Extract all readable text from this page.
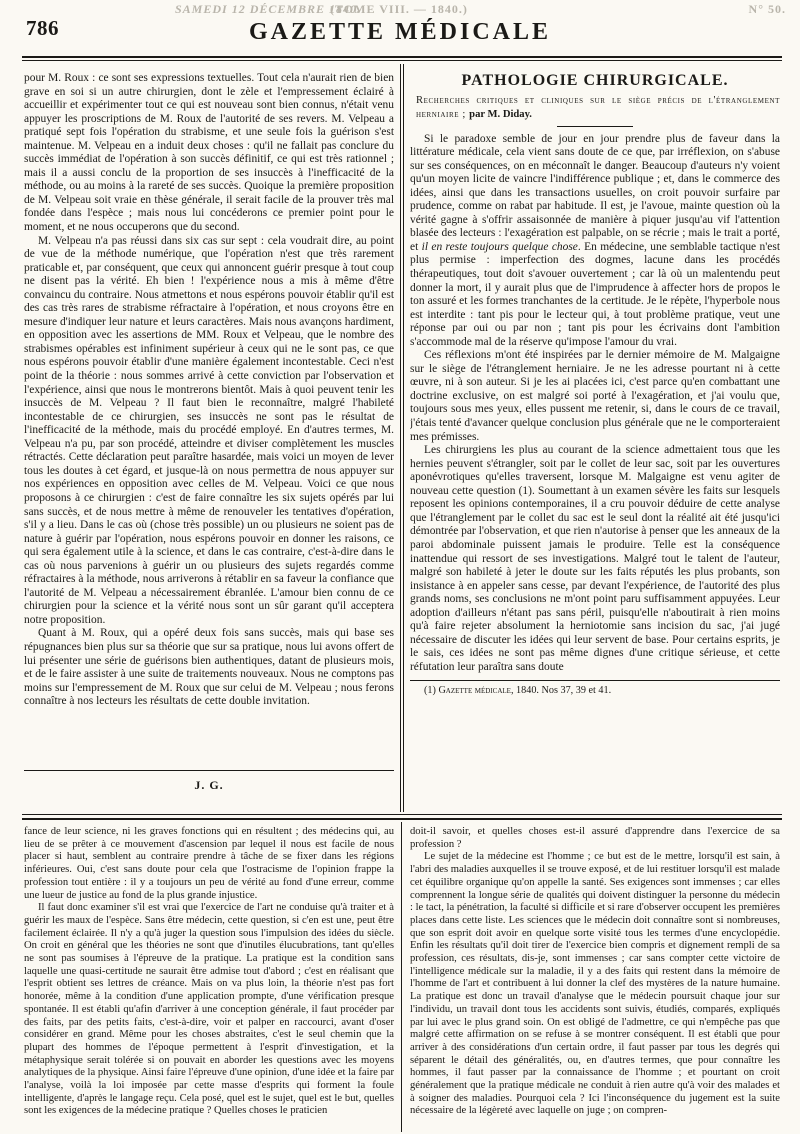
SAMEDI 12 DÉCEMBRE 1840.
(TOME VIII. — 1840.)	N° 50.
786	GAZETTE MÉDICALE

pour M. Roux : ce sont ses expressions textuelles. Tout cela n'aurait rien de bien grave en soi si un autre chirurgien, dont le zèle et l'empressement éclairé à accueillir et expérimenter tout ce qui est nouveau sont bien connus, n'était venu appuyer les proscriptions de M. Roux de l'autorité de ses revers. M. Velpeau a pratiqué sept fois l'opération du strabisme, et une seule fois la guérison s'est maintenue. M. Velpeau en a induit deux choses : qu'il ne fallait pas conclure du succès immédiat de l'opération à son succès définitif, ce qui est très rationnel ; mais il a aussi conclu de la proportion de ses insuccès à l'inefficacité de la méthode, ou au moins à la rareté de ses succès. Quoique la première proposition de M. Velpeau soit vraie en thèse générale, il serait facile de la prouver très mal fondée dans l'espèce ; mais nous lui concéderons ce premier point pour le moment, et ne nous occuperons que du second.

M. Velpeau n'a pas réussi dans six cas sur sept : cela voudrait dire, au point de vue de la méthode numérique, que l'opération n'est que très rarement praticable et, par conséquent, que ceux qui annoncent guérir presque à tout coup ne disent pas la vérité. Eh bien ! l'expérience nous a mis à même d'être convaincu du contraire. Nous atmettons et nous espérons pouvoir établir qu'il est des cas très rares de strabisme réfractaire à l'opération, et nous croyons être en mesure d'indiquer leur nature et leurs caractères. Mais nous avançons hardiment, en opposition avec les assertions de MM. Roux et Velpeau, que le nombre des strabismes opérables est infiniment supérieur à ceux qui ne le sont pas, ce que nous espérons pouvoir établir d'une manière également incontestable. Ceci n'est point de la théorie : nous sommes arrivé à cette conviction par l'observation et l'expérience, ainsi que nous le montrerons bientôt. Mais à quoi peuvent tenir les insuccès de M. Velpeau ? Il faut bien le reconnaître, malgré l'habileté incontestable de ce chirurgien, ses insuccès ne sont pas le résultat de l'inefficacité de la méthode, mais du procédé employé. En d'autres termes, M. Velpeau n'a pu, par son procédé, atteindre et diviser complètement les muscles rétractés. Cette déclaration peut paraître hasardée, mais voici un moyen de lever tous les doutes à cet égard, et jusque-là on nous permettra de nous appuyer sur nos expériences en opposition avec celles de M. Velpeau. Voici ce que nous proposons à ce chirurgien : c'est de faire connaître les six sujets opérés par lui sans succès, et de nous mettre à même de renouveler les tentatives d'opération, s'il y a lieu. Dans le cas où (chose très possible) un ou plusieurs ne soient pas de nature à guérir par l'opération, nous espérons pouvoir en donner les raisons, ce qui sera également utile à la science, et dans le cas contraire, c'est-à-dire dans le cas où nous parvenions à guérir un ou plusieurs des sujets regardés comme réfractaires à la méthode, nous arriverons à rétablir en sa faveur la confiance que l'autorité de M. Velpeau a nécessairement ébranlée. L'amour bien connu de ce chirurgien pour la science et la vérité nous sont un sûr garant qu'il acceptera notre proposition.

Quant à M. Roux, qui a opéré deux fois sans succès, mais qui base ses répugnances bien plus sur sa théorie que sur sa pratique, nous lui avons offert de lui présenter une série de guérisons bien authentiques, datant de plusieurs mois, et de le faire assister à une suite de traitements nouveaux. Nous ne comptons pas moins sur l'empressement de M. Roux que sur celui de M. Velpeau ; nous ferons connaître à nos lecteurs les résultats de cette double invitation.

J. G.
PATHOLOGIE CHIRURGICALE.
Recherches critiques et cliniques sur le siège précis de l'étranglement herniaire ; par M. Diday.

Si le paradoxe semble de jour en jour prendre plus de faveur dans la littérature médicale, cela vient sans doute de ce que, par irréflexion, on s'abuse sur ses conséquences, on en méconnaît le danger. Beaucoup d'auteurs n'y voient qu'un moyen licite de vaincre l'indifférence publique ; et, dans le commerce des idées, ainsi que dans les transactions usuelles, on croit pouvoir surfaire par prudence, comme on rabat par habitude. Il est, je l'avoue, mainte question où la vérité gagne à s'offrir assaisonnée de manière à piquer jusqu'au vif l'attention blasée des lecteurs : l'exagération est palpable, on se récrie ; mais le trait a porté, et il en reste toujours quelque chose. En médecine, une semblable tactique n'est plus permise : imperfection des dogmes, lacune dans les procédés thérapeutiques, tout doit s'avouer ouvertement ; car là où un malentendu peut donner la mort, il y aurait plus que de l'imprudence à affecter hors de propos le ton assuré et les formes tranchantes de la certitude. Je le répète, l'hyperbole nous est interdite : tant pis pour le lecteur qui, à tout problème pratique, veut une réponse par oui ou par non ; tant pis pour les écrivains dont l'ambition s'accommode mal de la réserve qu'impose l'amour du vrai.

Ces réflexions m'ont été inspirées par le dernier mémoire de M. Malgaigne sur le siège de l'étranglement herniaire. Je ne les adresse pourtant ni à cette œuvre, ni à son auteur. Si je les ai placées ici, c'est parce qu'en combattant une doctrine exclusive, on est malgré soi porté à l'exagération, et j'ai voulu que, toujours sous mes yeux, elles pussent me retenir, si, dans le cours de ce travail, j'étais tenté d'avancer quelque conclusion plus générale que ne le comporteraient mes prémisses.

Les chirurgiens les plus au courant de la science admettaient tous que les hernies peuvent s'étrangler, soit par le collet de leur sac, soit par les ouvertures aponévrotiques qu'elles traversent, lorsque M. Malgaigne est venu agiter de nouveau cette question (1). Soumettant à un examen sévère les faits sur lesquels reposent les opinions contemporaines, il a cru pouvoir déduire de cette analyse que l'étranglement par le collet du sac est le seul dont la réalité ait été jusqu'ici démontrée par l'observation, et que rien n'autorise à penser que les anneaux de la paroi abdominale puissent jamais le produire. Telle est la conséquence inattendue qui ressort de ses investigations. Malgré tout le talent de l'auteur, malgré son habileté à jeter le doute sur les faits réputés les plus probants, son insistance à en appeler sans cesse, par devant l'expérience, de l'autorité des plus grands noms, ses conclusions ne m'ont point paru suffisamment appuyées. Leur adoption d'ailleurs n'étant pas sans péril, puisqu'elle n'aboutirait à rien moins qu'à faire rejeter absolument la herniotomie sans incision du sac, j'ai jugé nécessaire de discuter les idées qui leur servent de base. Pour certains esprits, je le sais, ces idées ne sont pas même dignes d'une critique sérieuse, et cette réfutation leur paraîtra sans doute

(1) Gazette médicale, 1840. Nos 37, 39 et 41.

fance de leur science, ni les graves fonctions qui en résultent ; des médecins qui, au lieu de se prêter à ce mouvement d'ascension par lequel il nous est facile de nous placer si haut, semblent au contraire prendre à tâche de se fixer dans les régions inférieures. Oui, c'est sans doute pour cela que l'ostracisme de l'opinion frappe la profession tout entière : il y a toujours un peu de vérité au fond d'une erreur, comme une lueur de justice au fond de la plus grande injustice.

Il faut donc examiner s'il est vrai que l'exercice de l'art ne conduise qu'à traiter et à guérir les maux de l'espèce. Sans être médecin, cette question, si c'en est une, peut être facilement éclairée. Il n'y a qu'à juger la question sous l'impulsion des idées du siècle. On croit en général que les théories ne sont que d'inutiles élucubrations, tant qu'elles ne sont pas soumises à l'épreuve de la pratique. La pratique est la condition sans laquelle une quasi-certitude ne saurait être admise tout d'abord ; c'est en réalisant que l'esprit obtient ses lettres de créance. Mais on va plus loin, la théorie n'est pas fort honorée, même à la condition d'une application prompte, d'une vérification presque spontanée. Il est établi qu'afin d'arriver à une conception générale, il faut procéder par des faits, par des petits faits, c'est-à-dire, voir et palper en raccourci, avant d'oser considérer en grand. Même pour les choses abstraites, c'est le seul chemin que la plupart des hommes de l'époque permettent à l'esprit d'investigation, et la métaphysique serait tolérée si on pouvait en aborder les questions avec les moyens analytiques de la physique. Ainsi faire l'épreuve d'une opinion, d'une idée et la faire par l'analyse, voilà la loi imposée par cette masse d'esprits qui forment la foule intelligente, d'après le langage reçu. Cela posé, quel est le sujet, quel est le but, quelles sont les exigences de la médecine pratique ? Quelles choses le praticien

doit-il savoir, et quelles choses est-il assuré d'apprendre dans l'exercice de sa profession ?

Le sujet de la médecine est l'homme ; ce but est de le mettre, lorsqu'il est sain, à l'abri des maladies auxquelles il se trouve exposé, et de lui restituer lorsqu'il est malade cet équilibre organique qu'on appelle la santé. Ses exigences sont immenses ; car elles comprennent la longue série de qualités qui doivent distinguer la personne du médecin : le tact, la pénétration, la faculté si difficile et si rare d'observer occupent les premières places dans cette liste. Les sciences que le médecin doit connaître sont si nombreuses, que son esprit doit avoir en quelque sorte visité tous les termes d'une encyclopédie. Enfin les résultats qu'il doit tirer de l'exercice bien compris et dignement rempli de sa profession, ces résultats, dis-je, sont immenses ; car sans compter cette victoire de l'intelligence médicale sur la maladie, il y a des faits qui restent dans la mémoire de l'homme de l'art et contribuent à lui donner la clef des mystères de la nature humaine. La pratique est donc un travail d'analyse que le médecin poursuit chaque jour sur l'individu, un travail dont tous les accidents sont suivis, étudiés, comparés, expliqués par lui avec le plus grand soin. On est obligé de l'admettre, ce qui n'empêche pas que malgré cette affirmation on se refuse à se montrer conséquent. Il est établi que pour arriver à des considérations d'un certain ordre, il faut passer par tous les degrés qui séparent le détail des généralités, ou, en d'autres termes, que pour connaître les hommes, il faut passer par la connaissance de l'homme ; et pourtant on croit généralement que la pratique médicale ne conduit à rien autre qu'à voir des malades et à soigner des maladies. Pourquoi cela ? Ici l'inconséquence du jugement est la suite nécessaire de la légèreté avec laquelle on juge ; on compren-
